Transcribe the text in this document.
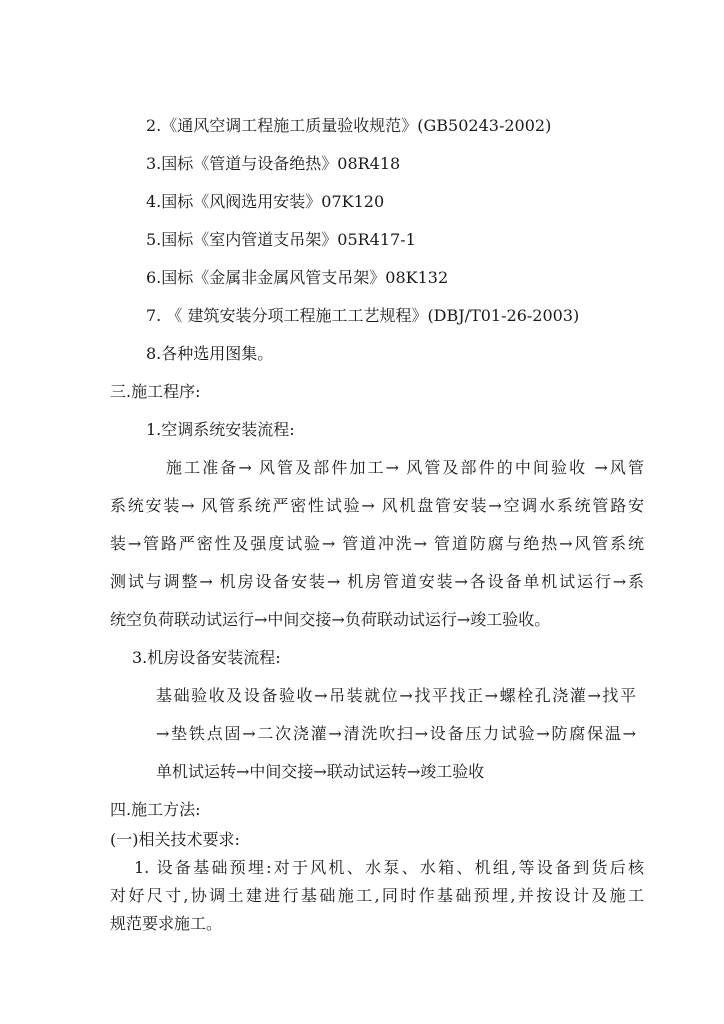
2.《通风空调工程施工质量验收规范》(GB50243-2002)
3.国标《管道与设备绝热》08R418
4.国标《风阀选用安装》07K120
5.国标《室内管道支吊架》05R417-1
6.国标《金属非金属风管支吊架》08K132
7. 《 建筑安装分项工程施工工艺规程》(DBJ/T01-26-2003)
8.各种选用图集。
三.施工程序:
1.空调系统安装流程:
施工准备→ 风管及部件加工→ 风管及部件的中间验收 →风管
系统安装→ 风管系统严密性试验→ 风机盘管安装→空调水系统管路安
装→管路严密性及强度试验→ 管道冲洗→ 管道防腐与绝热→风管系统
测试与调整→ 机房设备安装→ 机房管道安装→各设备单机试运行→系
统空负荷联动试运行→中间交接→负荷联动试运行→竣工验收。
3.机房设备安装流程:
基础验收及设备验收→吊装就位→找平找正→螺栓孔浇灌→找平
→垫铁点固→二次浇灌→清洗吹扫→设备压力试验→防腐保温→
单机试运转→中间交接→联动试运转→竣工验收
四.施工方法:
(一)相关技术要求:
1. 设备基础预埋:对于风机、水泵、水箱、机组,等设备到货后核
对好尺寸,协调土建进行基础施工,同时作基础预埋,并按设计及施工
规范要求施工。
